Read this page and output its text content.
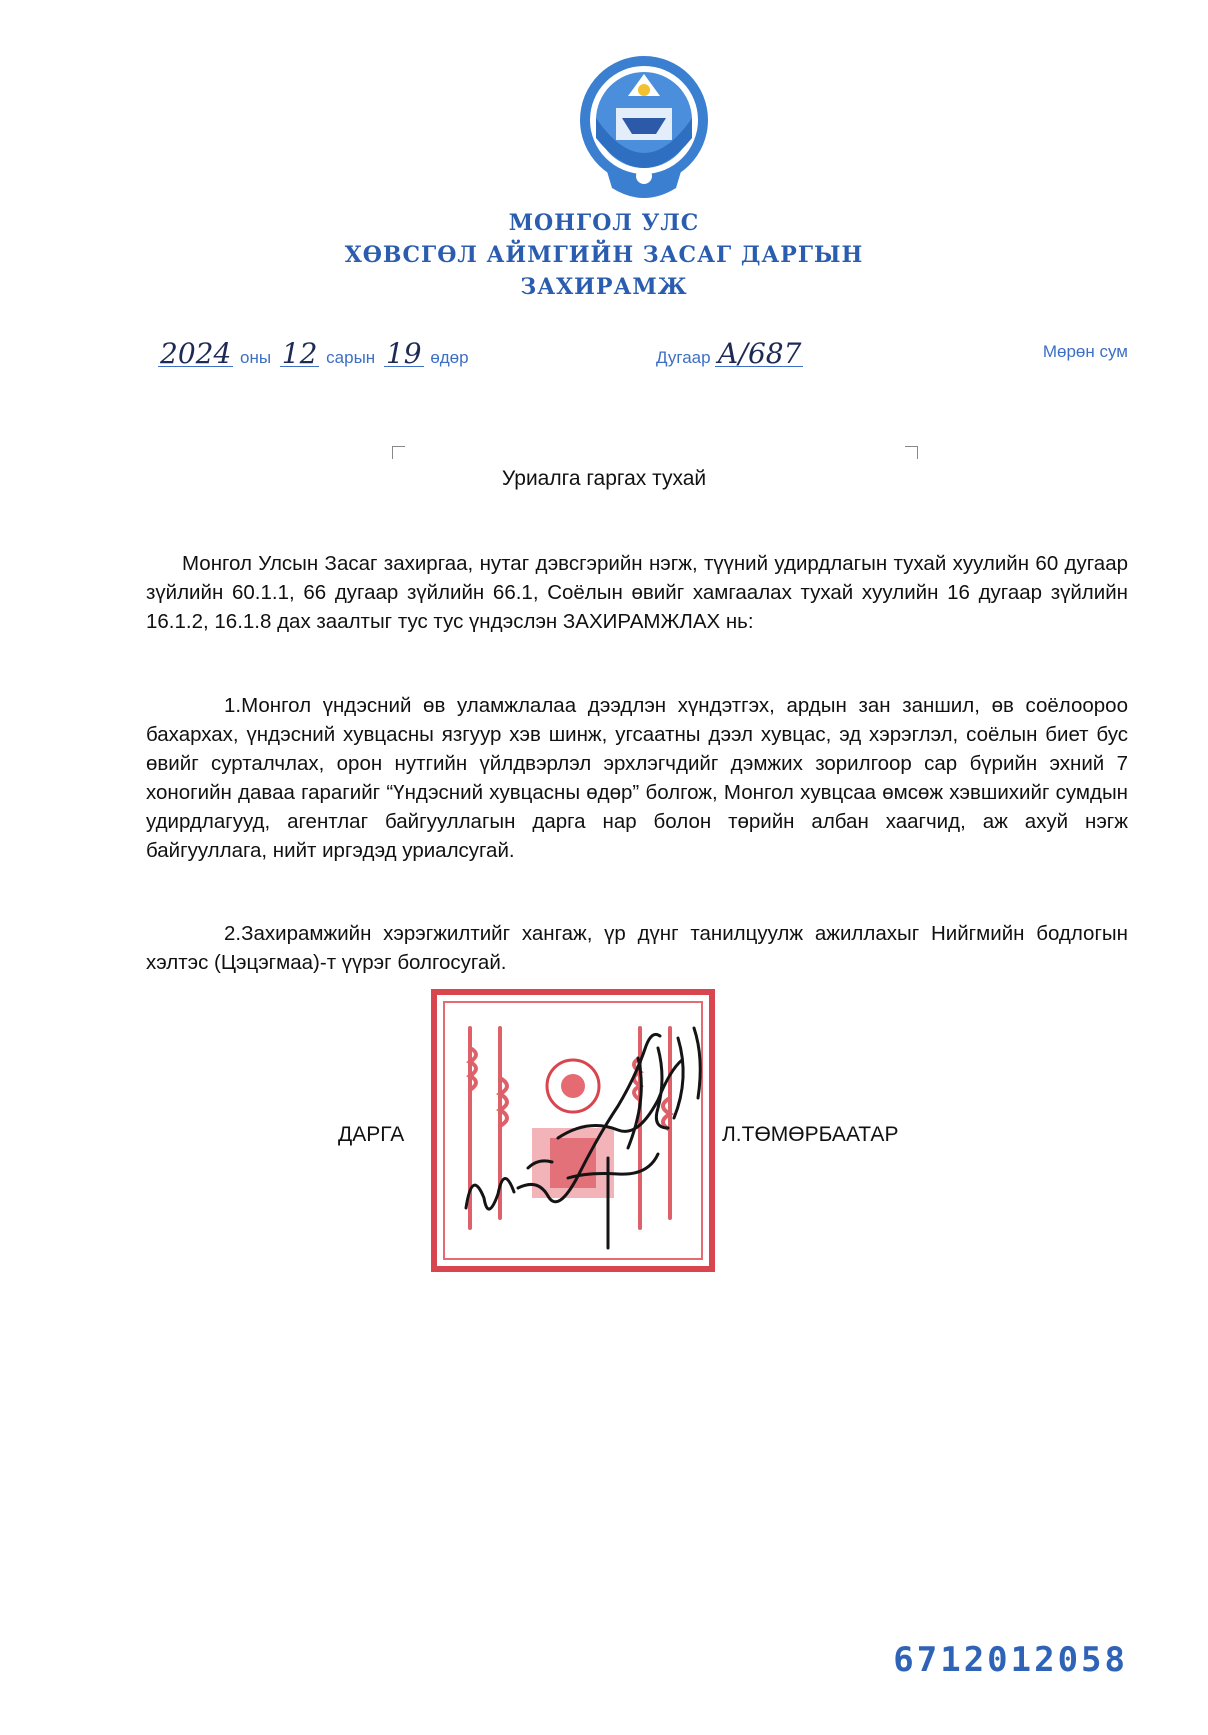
МОНГОЛ УЛС
ХӨВСГӨЛ АЙМГИЙН ЗАСАГ ДАРГЫН
ЗАХИРАМЖ
2024 оны 12 сарын 19 өдөр	Дугаар А/687	Мөрөн сум
Уриалга гаргах тухай
Монгол Улсын Засаг захиргаа, нутаг дэвсгэрийн нэгж, түүний удирдлагын тухай хуулийн 60 дугаар зүйлийн 60.1.1, 66 дугаар зүйлийн 66.1, Соёлын өвийг хамгаалах тухай хуулийн 16 дугаар зүйлийн 16.1.2, 16.1.8 дах заалтыг тус тус үндэслэн ЗАХИРАМЖЛАХ нь:
1.Монгол үндэсний өв уламжлалаа дээдлэн хүндэтгэх, ардын зан заншил, өв соёлоороо бахархах, үндэсний хувцасны язгуур хэв шинж, угсаатны дээл хувцас, эд хэрэглэл, соёлын биет бус өвийг сурталчлах, орон нутгийн үйлдвэрлэл эрхлэгчдийг дэмжих зорилгоор сар бүрийн эхний 7 хоногийн даваа гарагийг “Үндэсний хувцасны өдөр” болгож, Монгол хувцсаа өмсөж хэвшихийг сумдын удирдлагууд, агентлаг байгууллагын дарга нар болон төрийн албан хаагчид, аж ахуй нэгж байгууллага, нийт иргэдэд уриалсугай.
2.Захирамжийн хэрэгжилтийг хангаж, үр дүнг танилцуулж ажиллахыг Нийгмийн бодлогын хэлтэс (Цэцэгмаа)-т үүрэг болгосугай.
ДАРГА	Л.ТӨМӨРБААТАР
6712012058
